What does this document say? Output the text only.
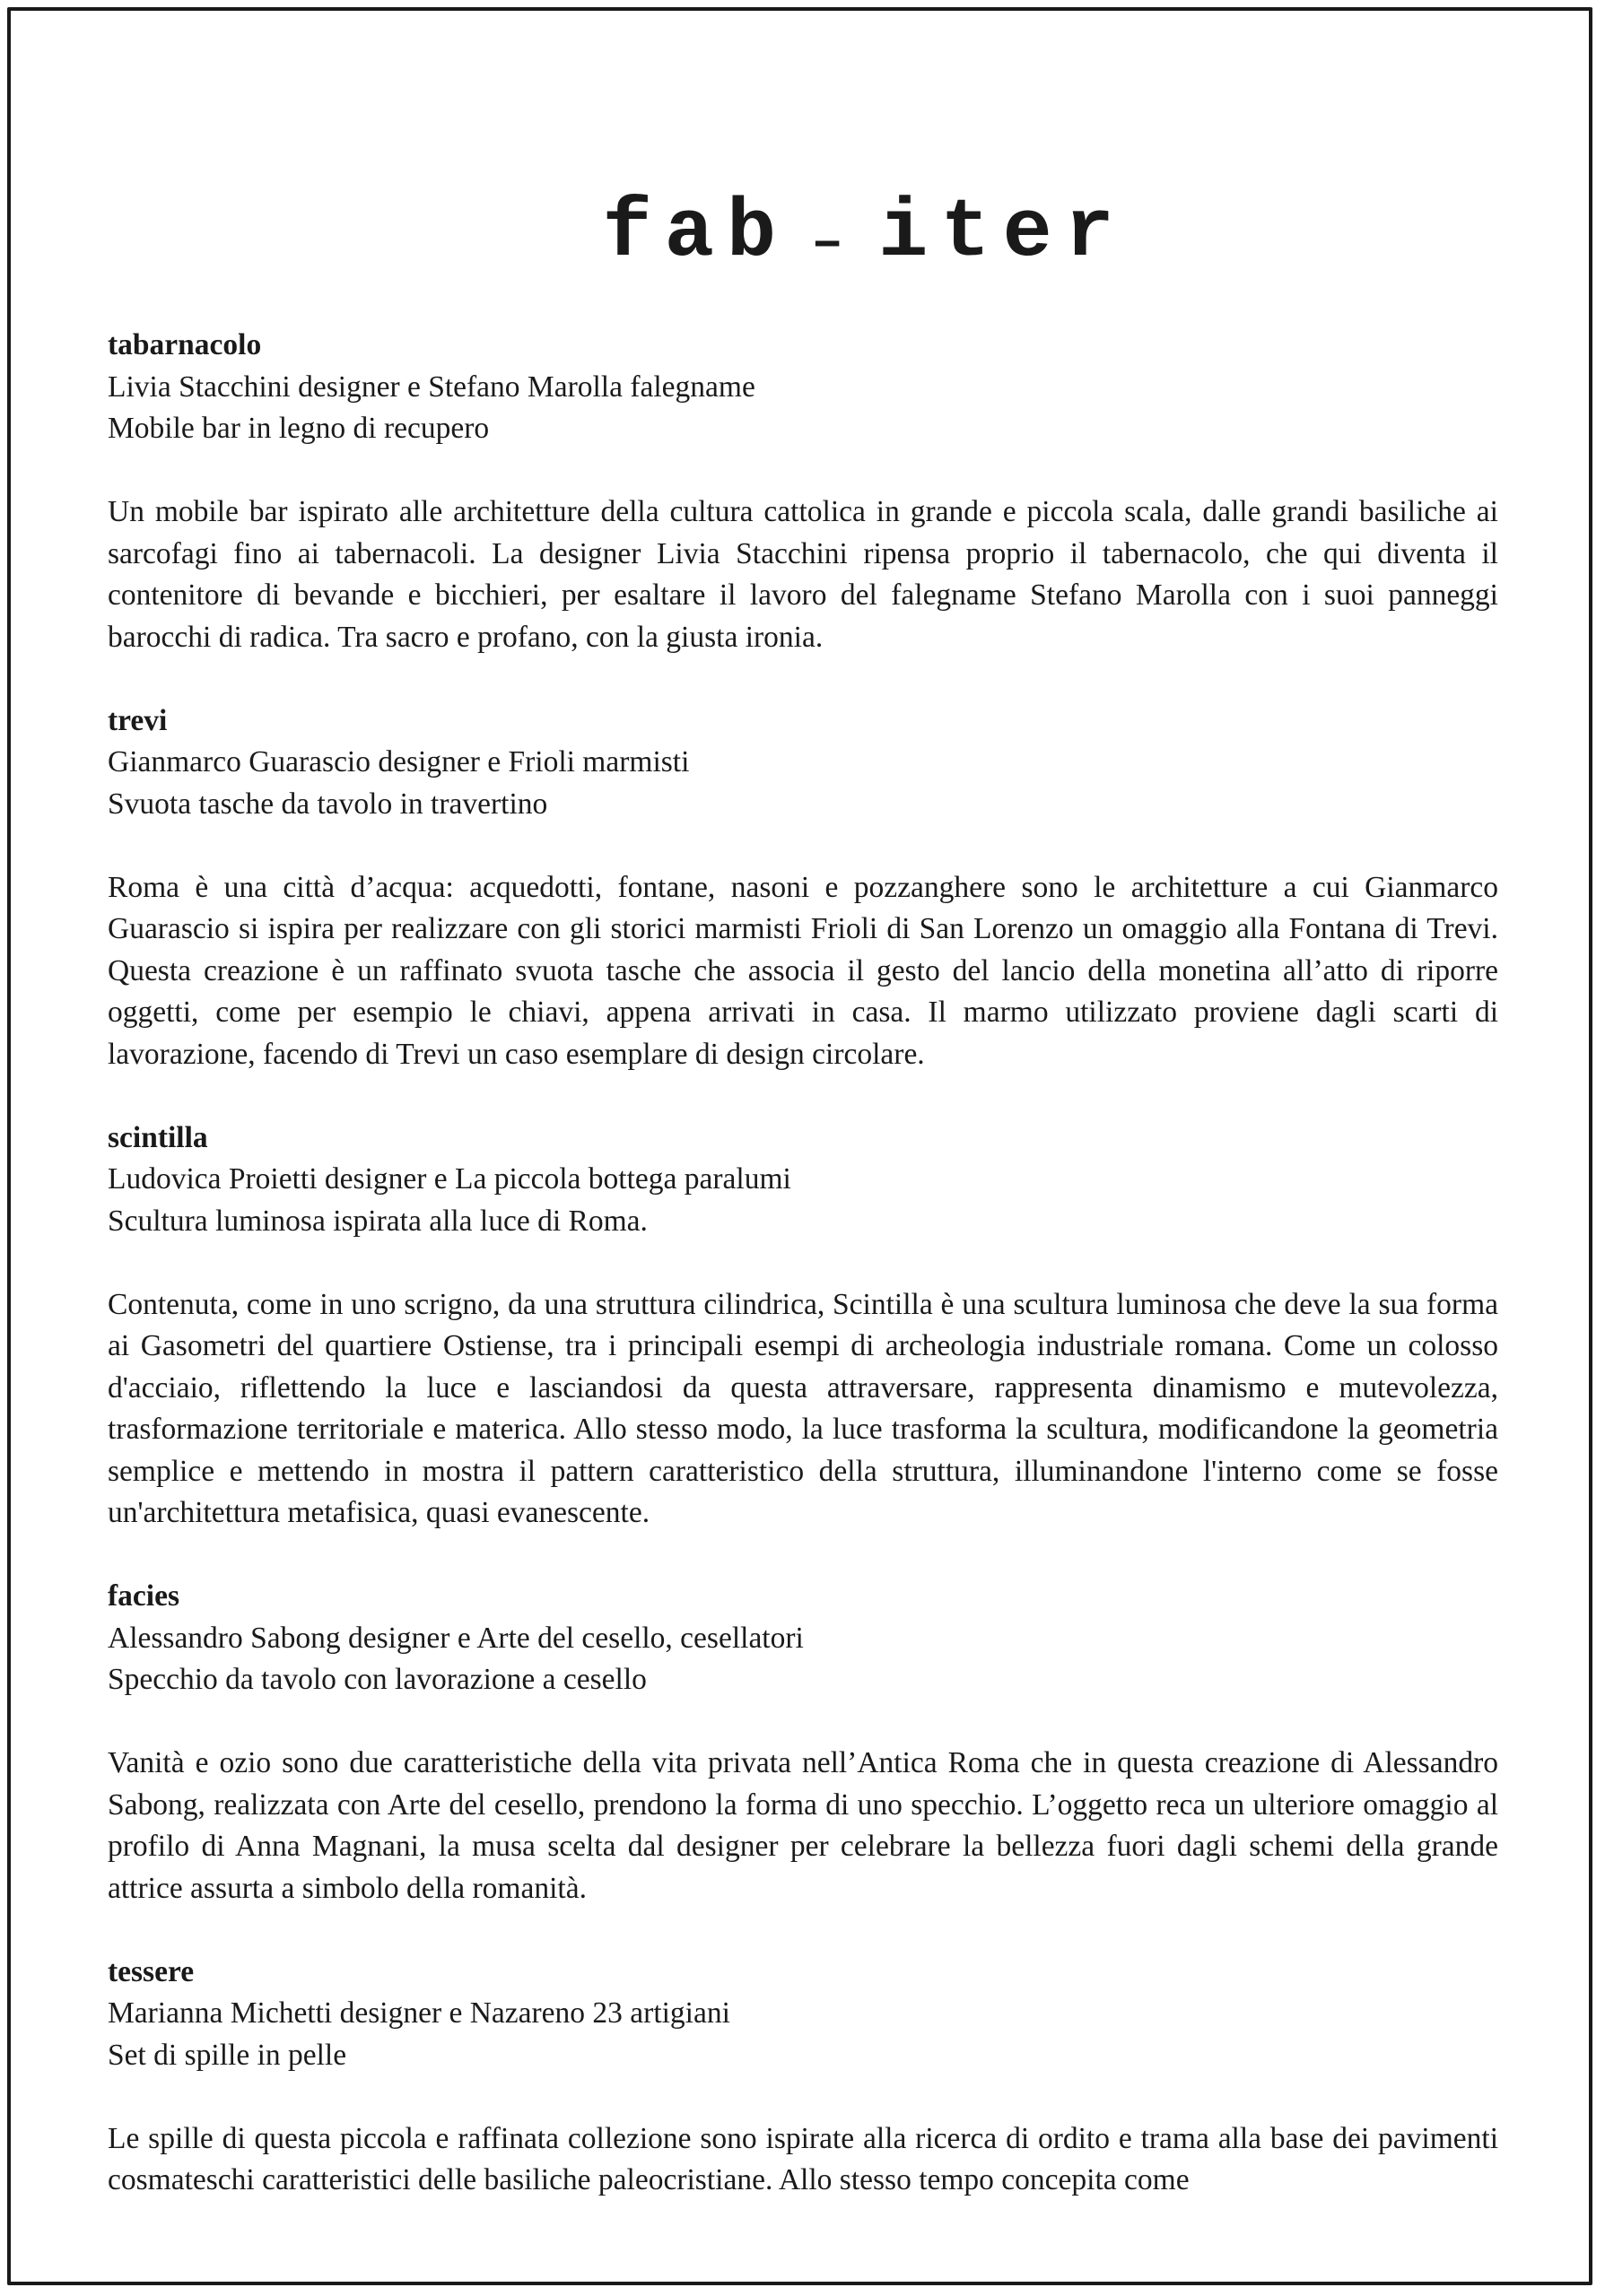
fab – iter

tabarnacolo
Livia Stacchini designer e Stefano Marolla falegname
Mobile bar in legno di recupero

Un mobile bar ispirato alle architetture della cultura cattolica in grande e piccola scala, dalle grandi basiliche ai sarcofagi fino ai tabernacoli. La designer Livia Stacchini ripensa proprio il tabernacolo, che qui diventa il contenitore di bevande e bicchieri, per esaltare il lavoro del falegname Stefano Marolla con i suoi panneggi barocchi di radica. Tra sacro e profano, con la giusta ironia.

trevi
Gianmarco Guarascio designer e Frioli marmisti
Svuota tasche da tavolo in travertino

Roma è una città d’acqua: acquedotti, fontane, nasoni e pozzanghere sono le architetture a cui Gianmarco Guarascio si ispira per realizzare con gli storici marmisti Frioli di San Lorenzo un omaggio alla Fontana di Trevi. Questa creazione è un raffinato svuota tasche che associa il gesto del lancio della monetina all’atto di riporre oggetti, come per esempio le chiavi, appena arrivati in casa. Il marmo utilizzato proviene dagli scarti di lavorazione, facendo di Trevi un caso esemplare di design circolare.

scintilla
Ludovica Proietti designer e La piccola bottega paralumi
Scultura luminosa ispirata alla luce di Roma.

Contenuta, come in uno scrigno, da una struttura cilindrica, Scintilla è una scultura luminosa che deve la sua forma ai Gasometri del quartiere Ostiense, tra i principali esempi di archeologia industriale romana. Come un colosso d'acciaio, riflettendo la luce e lasciandosi da questa attraversare, rappresenta dinamismo e mutevolezza, trasformazione territoriale e materica. Allo stesso modo, la luce trasforma la scultura, modificandone la geometria semplice e mettendo in mostra il pattern caratteristico della struttura, illuminandone l'interno come se fosse un'architettura metafisica, quasi evanescente.

facies
Alessandro Sabong designer e Arte del cesello, cesellatori
Specchio da tavolo con lavorazione a cesello

Vanità e ozio sono due caratteristiche della vita privata nell’Antica Roma che in questa creazione di Alessandro Sabong, realizzata con Arte del cesello, prendono la forma di uno specchio. L’oggetto reca un ulteriore omaggio al profilo di Anna Magnani, la musa scelta dal designer per celebrare la bellezza fuori dagli schemi della grande attrice assurta a simbolo della romanità.

tessere
Marianna Michetti designer e Nazareno 23 artigiani
Set di spille in pelle

Le spille di questa piccola e raffinata collezione sono ispirate alla ricerca di ordito e trama alla base dei pavimenti cosmateschi caratteristici delle basiliche paleocristiane. Allo stesso tempo concepita come
